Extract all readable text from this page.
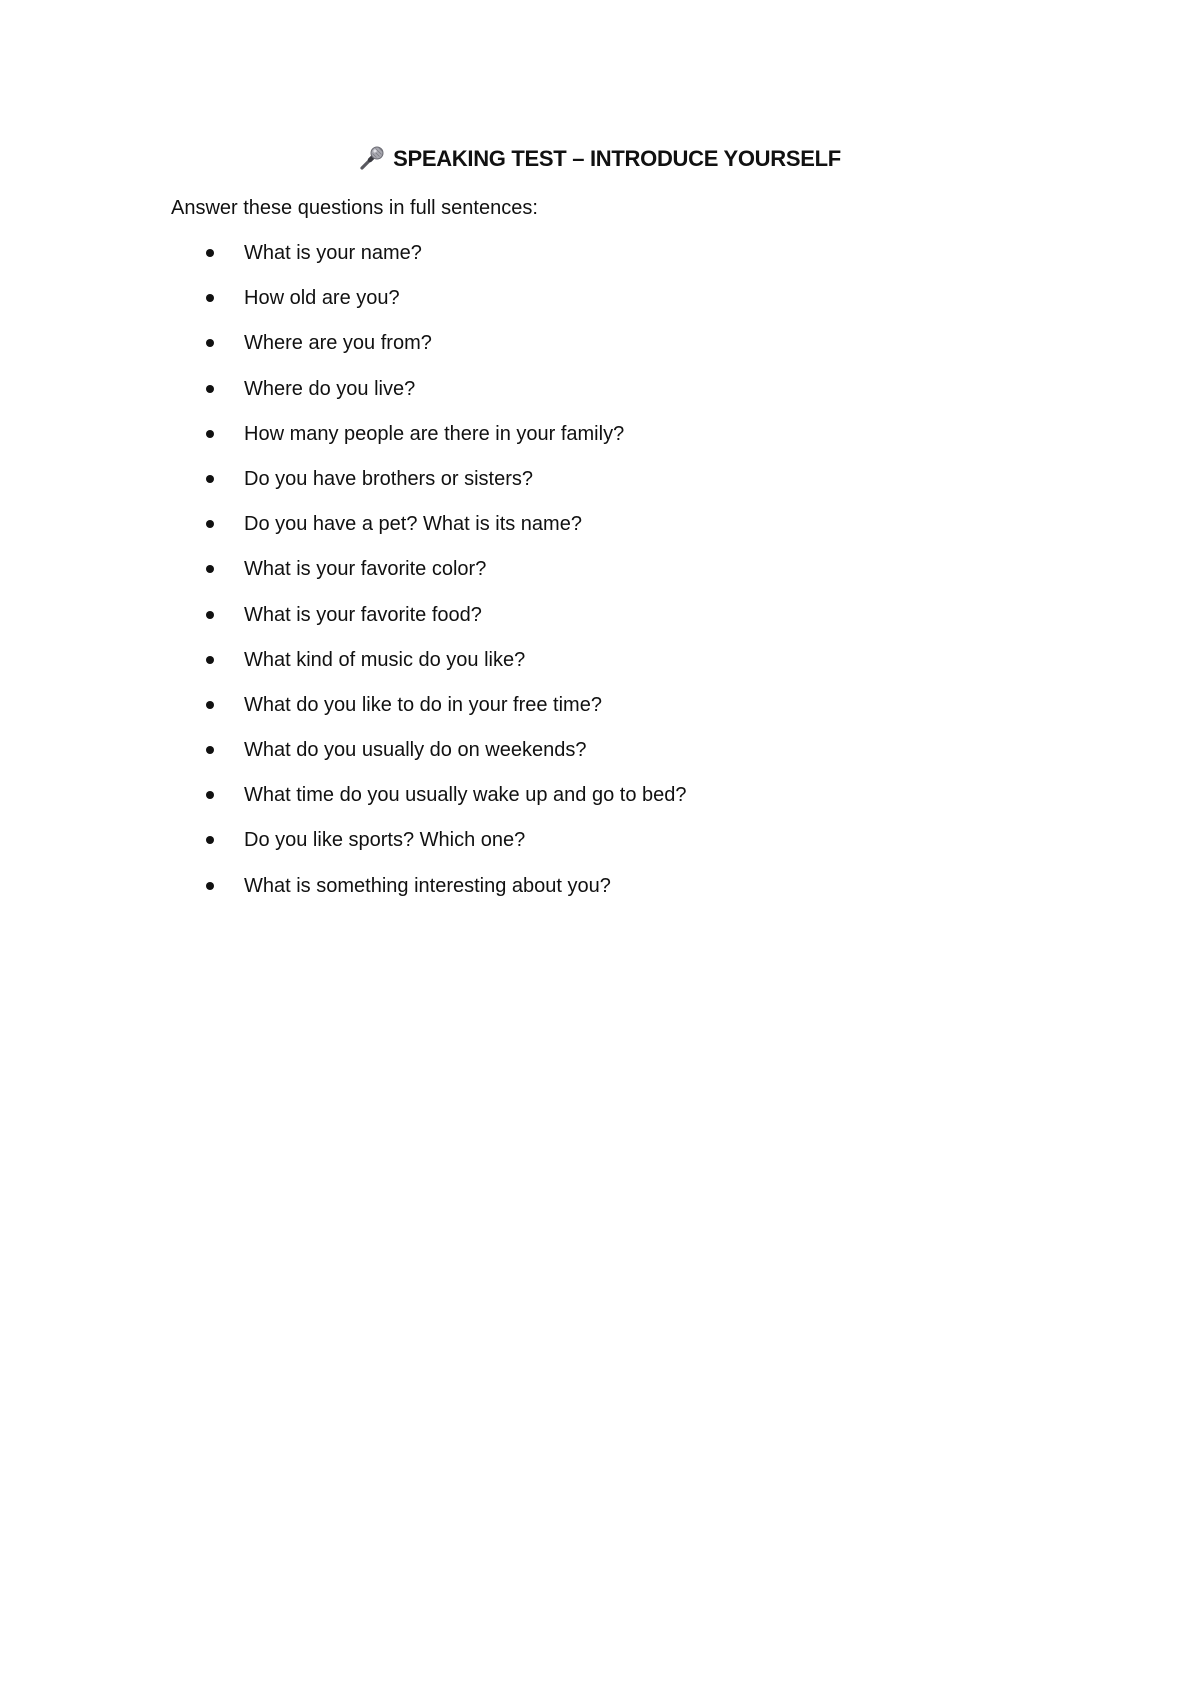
SPEAKING TEST – INTRODUCE YOURSELF
Answer these questions in full sentences:
What is your name?
How old are you?
Where are you from?
Where do you live?
How many people are there in your family?
Do you have brothers or sisters?
Do you have a pet? What is its name?
What is your favorite color?
What is your favorite food?
What kind of music do you like?
What do you like to do in your free time?
What do you usually do on weekends?
What time do you usually wake up and go to bed?
Do you like sports? Which one?
What is something interesting about you?
